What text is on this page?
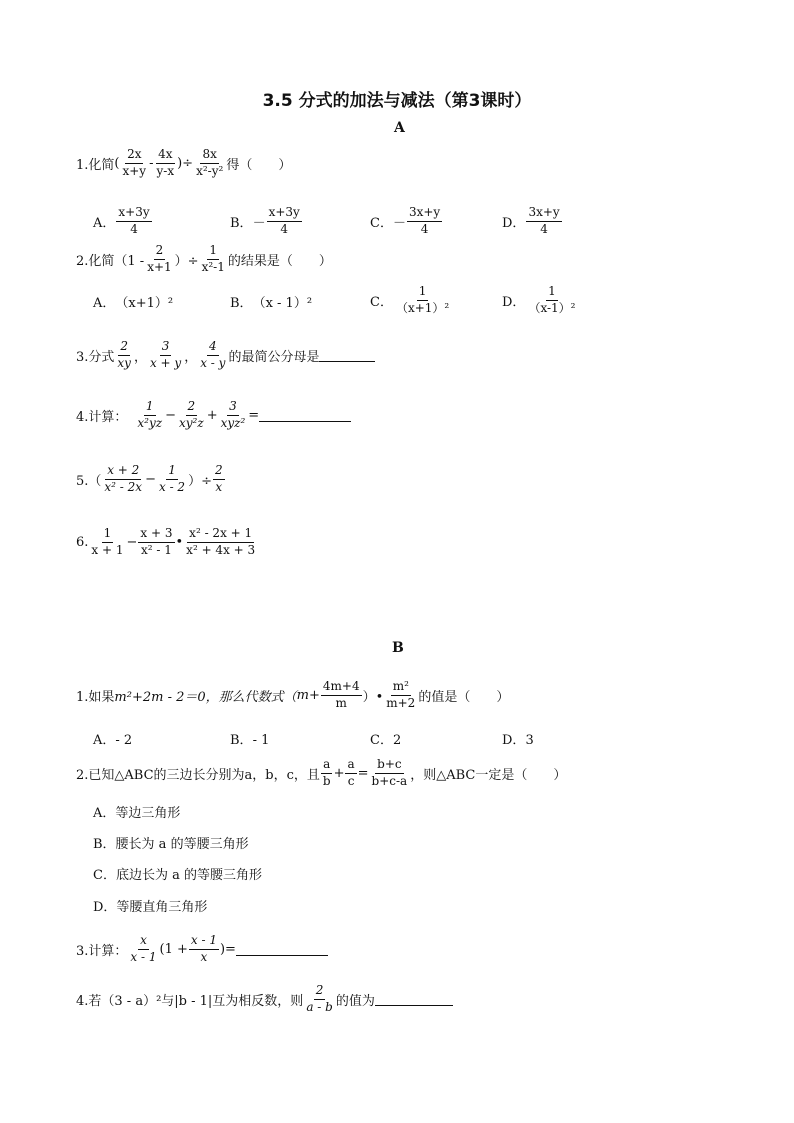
3.5 分式的加法与减法（第3课时）
A
1.化简 ( $\frac{2x}{x+y} - \frac{4x}{y-x}$ )÷ $\frac{8x}{\text{x²-y²}}$ 得（　　）
A． $\frac{x+3y}{4}$	B． － $\frac{x+3y}{4}$	C． － $\frac{3x+y}{4}$	D． $\frac{3x+y}{4}$
2.化简（$1 - \frac{2}{x+1}$ ）÷ $\frac{1}{\text{x²-1}}$ 的结果是（　　）
A． （x+1）²	B． （x - 1）²	C． $\frac{1}{\text{（x+1）²}}$	D． $\frac{1}{\text{（x-1）²}}$
3.分式 $\frac{2}{xy}$ ， $\frac{3}{x + y}$ ， $\frac{4}{x - y}$ 的最简公分母是
4.计算： $\frac{1}{\text{x²yz}} - \frac{2}{\text{xy²z}} + \frac{3}{\text{xyz²}}$ =
$5.( \frac{x + 2}{\text{x² - 2x}} - \frac{1}{x - 2}$ ）÷ $\frac{2}{x}$
6. $\frac{1}{x + 1} - \frac{x + 3}{\text{x² - 1}}$ • $\frac{\text{x² - 2x + 1}}{\text{x² + 4x + 3}}$
B
1.如果 m²+2m - 2＝0，那么代数式（ $m+ \frac{4m+4}{m}$ ）• $\frac{\text{m²}}{m+2}$ 的值是（　　）
A．- 2	B．- 1	C．2	D．3
2.已知△ABC的三边长分别为a，b，c，且 $\frac{a}{b} + \frac{a}{c} = \frac{b+c}{b+c-a}$ ，则△ABC一定是（　　）
A．等边三角形
B．腰长为 a 的等腰三角形
C．底边长为 a 的等腰三角形
D．等腰直角三角形
3.计算： $\frac{x}{x - 1} (1 + \frac{x - 1}{x}$ )=
4.若（3 - a）²与|b - 1|互为相反数，则 $\frac{2}{a - b}$ 的值为
